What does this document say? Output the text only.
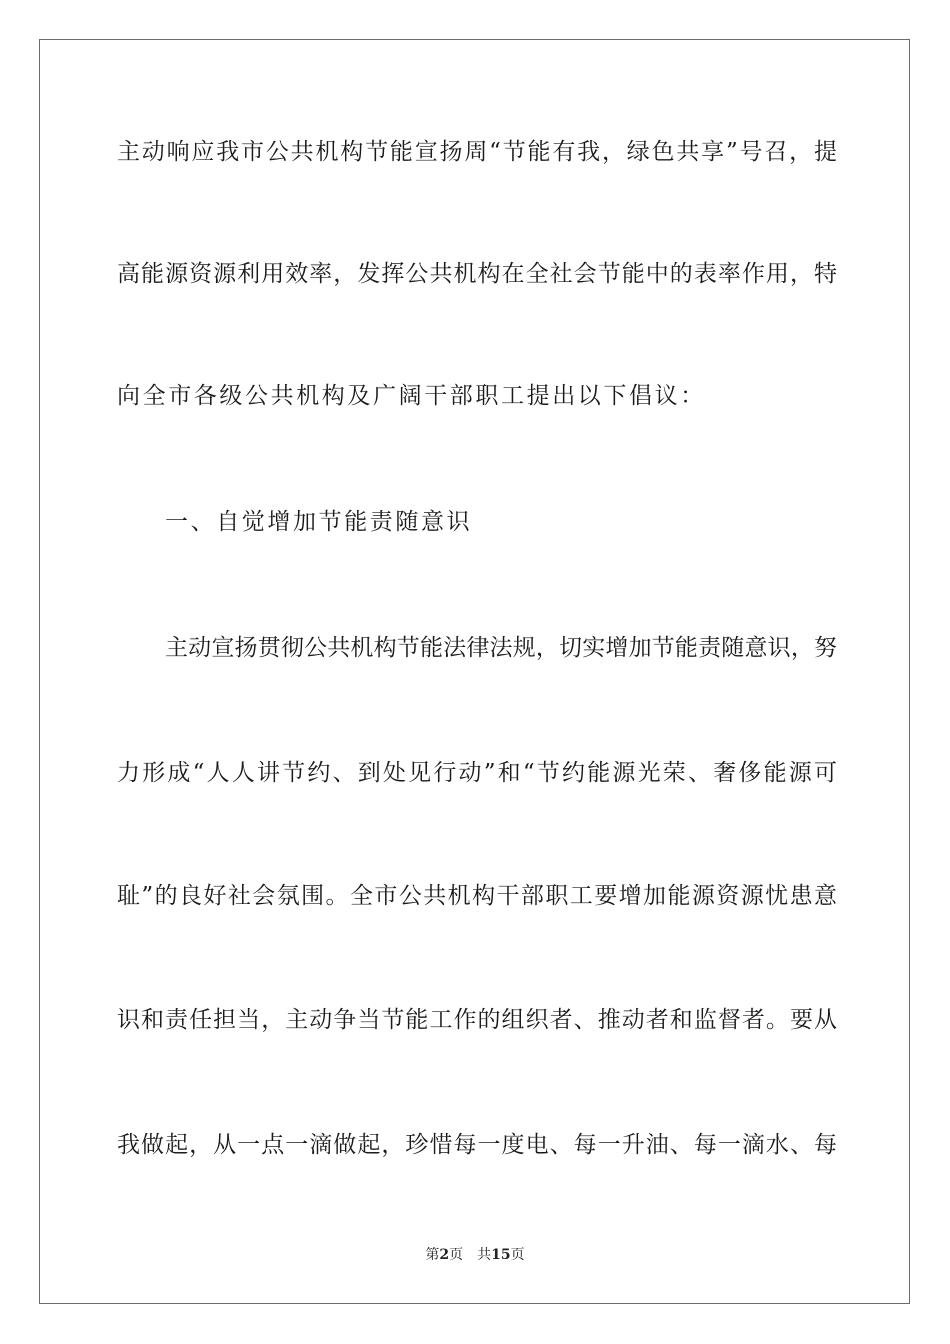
主动响应我市公共机构节能宣扬周“节能有我，绿色共享”号召，提
高能源资源利用效率，发挥公共机构在全社会节能中的表率作用，特
向全市各级公共机构及广阔干部职工提出以下倡议：
一、自觉增加节能责随意识
主动宣扬贯彻公共机构节能法律法规，切实增加节能责随意识，努
力形成“人人讲节约、到处见行动”和“节约能源光荣、奢侈能源可
耻”的良好社会氛围。全市公共机构干部职工要增加能源资源忧患意
识和责任担当，主动争当节能工作的组织者、推动者和监督者。要从
我做起，从一点一滴做起，珍惜每一度电、每一升油、每一滴水、每
第2页　共15页
